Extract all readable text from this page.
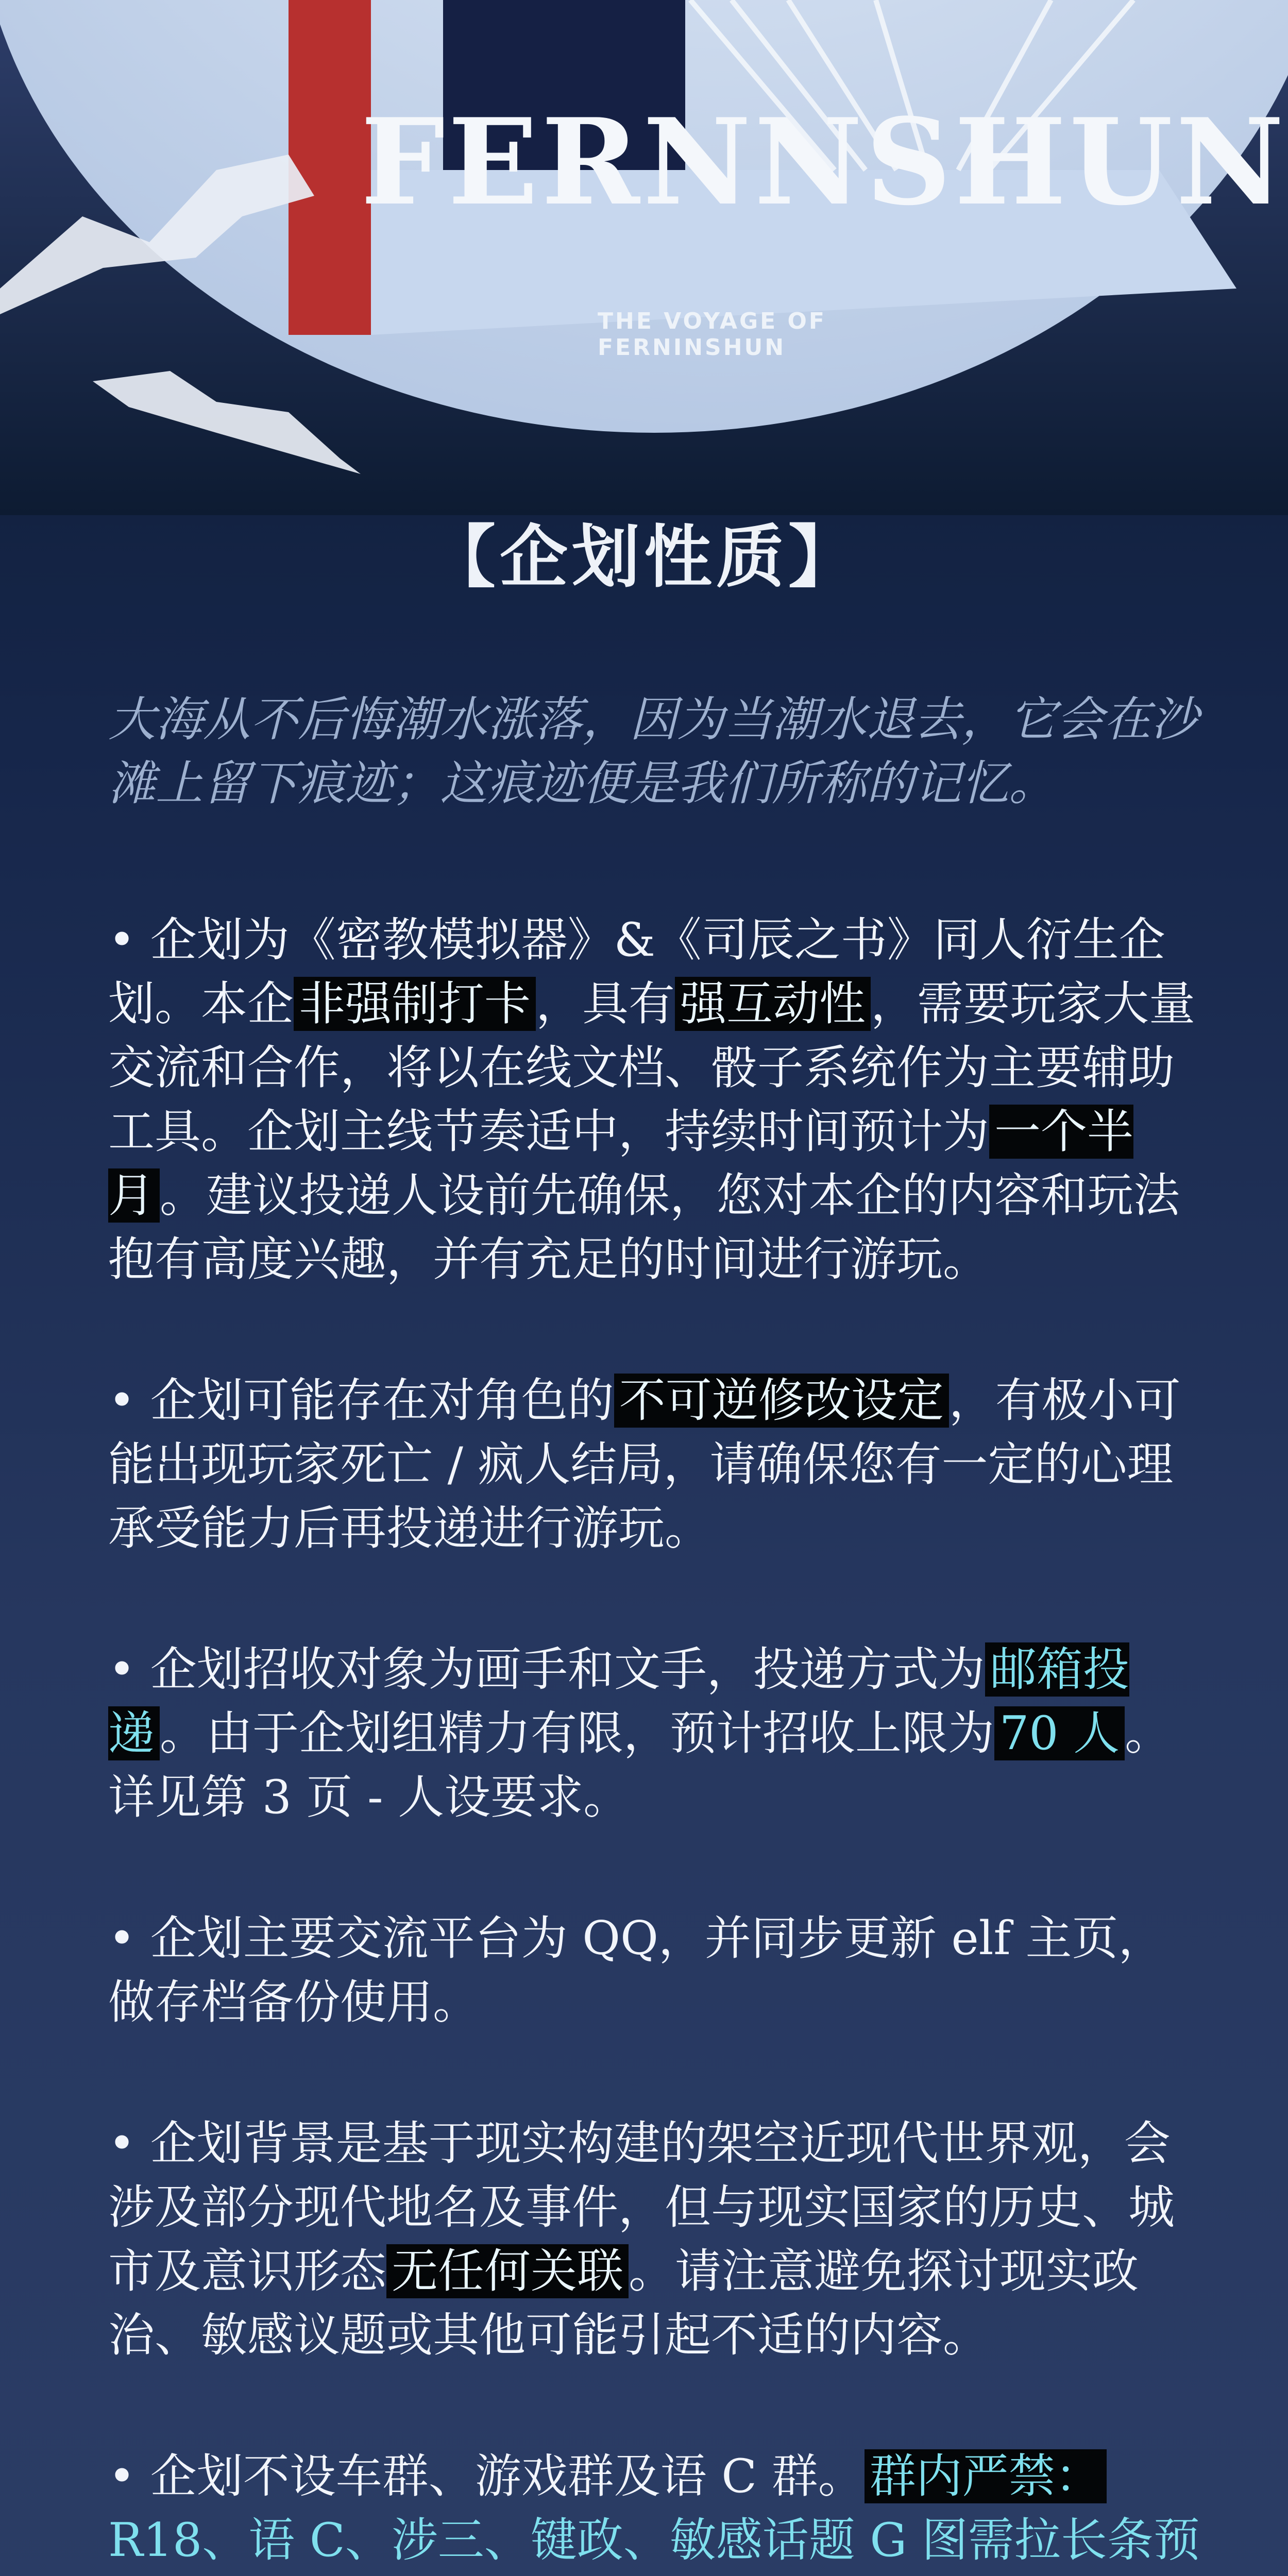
FERNNSHUN
THE VOYAGE OF FERNINSHUN
【企划性质】

大海从不后悔潮水涨落，因为当潮水退去，它会在沙滩上留下痕迹；这痕迹便是我们所称的记忆。

• 企划为《密教模拟器》&《司辰之书》同人衍生企划。本企 非强制打卡 ，具有 强互动性 ，需要玩家大量交流和合作，将以在线文档、骰子系统作为主要辅助工具。企划主线节奏适中，持续时间预计为 一个半月 。建议投递人设前先确保，您对本企的内容和玩法抱有高度兴趣，并有充足的时间进行游玩。

• 企划可能存在对角色的 不可逆修改设定 ，有极小可能出现玩家死亡 / 疯人结局，请确保您有一定的心理承受能力后再投递进行游玩。

• 企划招收对象为画手和文手，投递方式为 邮箱投递 。由于企划组精力有限，预计招收上限为 70 人 。详见第 3 页 - 人设要求。

• 企划主要交流平台为 QQ，并同步更新 elf 主页，做存档备份使用。

• 企划背景是基于现实构建的架空近现代世界观，会涉及部分现代地名及事件，但与现实国家的历史、城市及意识形态 无任何关联 。请注意避免探讨现实政治、敏感议题或其他可能引起不适的内容。

• 企划不设车群、游戏群及语 C 群。 群内严禁：R18、语 C、涉三、键政、敏感话题 G 图需拉长条预
